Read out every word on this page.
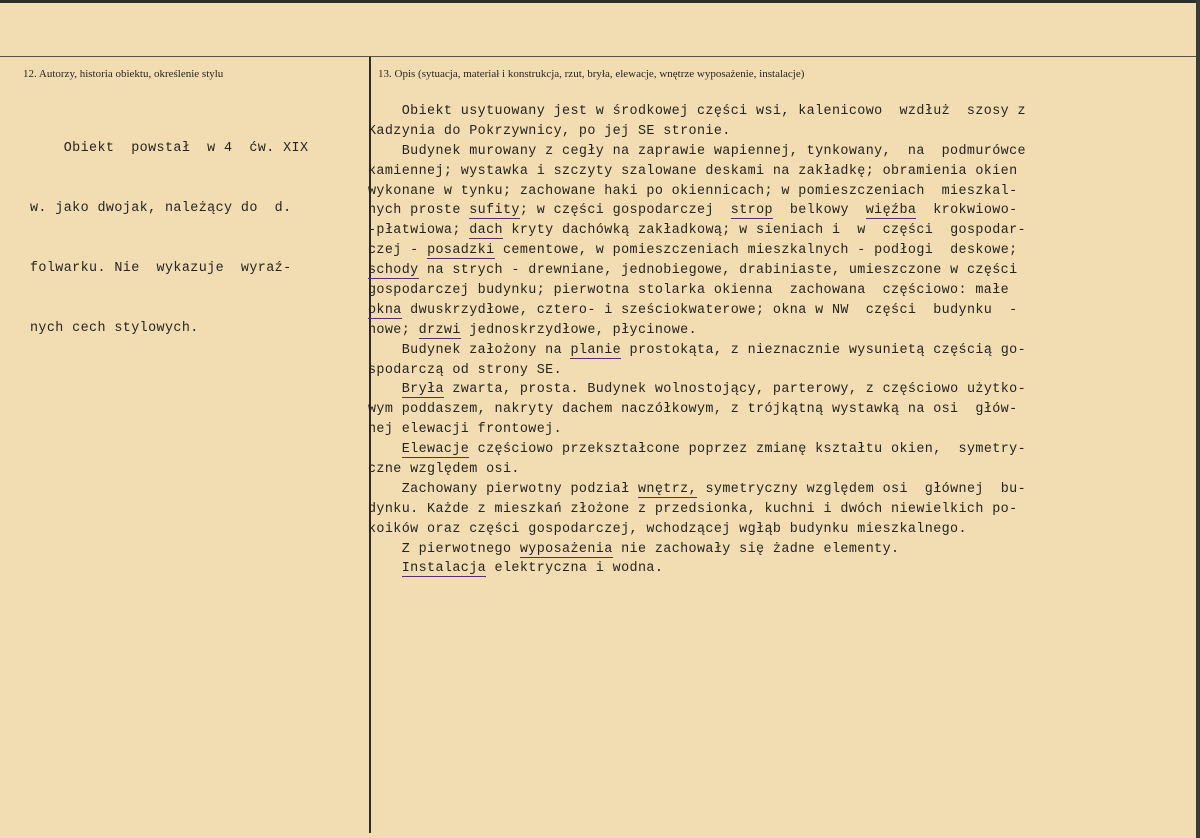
12. Autorzy, historia obiektu, określenie stylu	13. Opis (sytuacja, materiał i konstrukcja, rzut, bryła, elewacje, wnętrze wyposażenie, instalacje)

Obiekt  powstał  w 4  ćw. XIX

w. jako dwojak, należący do  d.

folwarku. Nie  wykazuje  wyraź-

nych cech stylowych.

Obiekt usytuowany jest w środkowej części wsi, kalenicowo  wzdłuż  szosy z
Kadzynia do Pokrzywnicy, po jej SE stronie.
Budynek murowany z cegły na zaprawie wapiennej, tynkowany,  na  podmurówce
kamiennej; wystawka i szczyty szalowane deskami na zakładkę; obramienia okien
wykonane w tynku; zachowane haki po okiennicach; w pomieszczeniach  mieszkal-
nych proste sufity; w części gospodarczej  strop  belkowy  więźba  krokwiowo-
-płatwiowa; dach kryty dachówką zakładkową; w sieniach i  w  części  gospodar-
czej - posadzki cementowe, w pomieszczeniach mieszkalnych - podłogi  deskowe;
schody na strych - drewniane, jednobiegowe, drabiniaste, umieszczone w części
gospodarczej budynku; pierwotna stolarka okienna  zachowana  częściowo: małe
okna dwuskrzydłowe, cztero- i sześciokwaterowe; okna w NW  części  budynku  -
nowe; drzwi jednoskrzydłowe, płycinowe.
Budynek założony na planie prostokąta, z nieznacznie wysunietą częścią go-
spodarczą od strony SE.
Bryła zwarta, prosta. Budynek wolnostojący, parterowy, z częściowo użytko-
wym poddaszem, nakryty dachem naczółkowym, z trójkątną wystawką na osi  głów-
nej elewacji frontowej.
Elewacje częściowo przekształcone poprzez zmianę kształtu okien,  symetry-
czne względem osi.
Zachowany pierwotny podział wnętrz, symetryczny względem osi  głównej  bu-
dynku. Każde z mieszkań złożone z przedsionka, kuchni i dwóch niewielkich po-
koików oraz części gospodarczej, wchodzącej wgłąb budynku mieszkalnego.
Z pierwotnego wyposażenia nie zachowały się żadne elementy.
Instalacja elektryczna i wodna.
